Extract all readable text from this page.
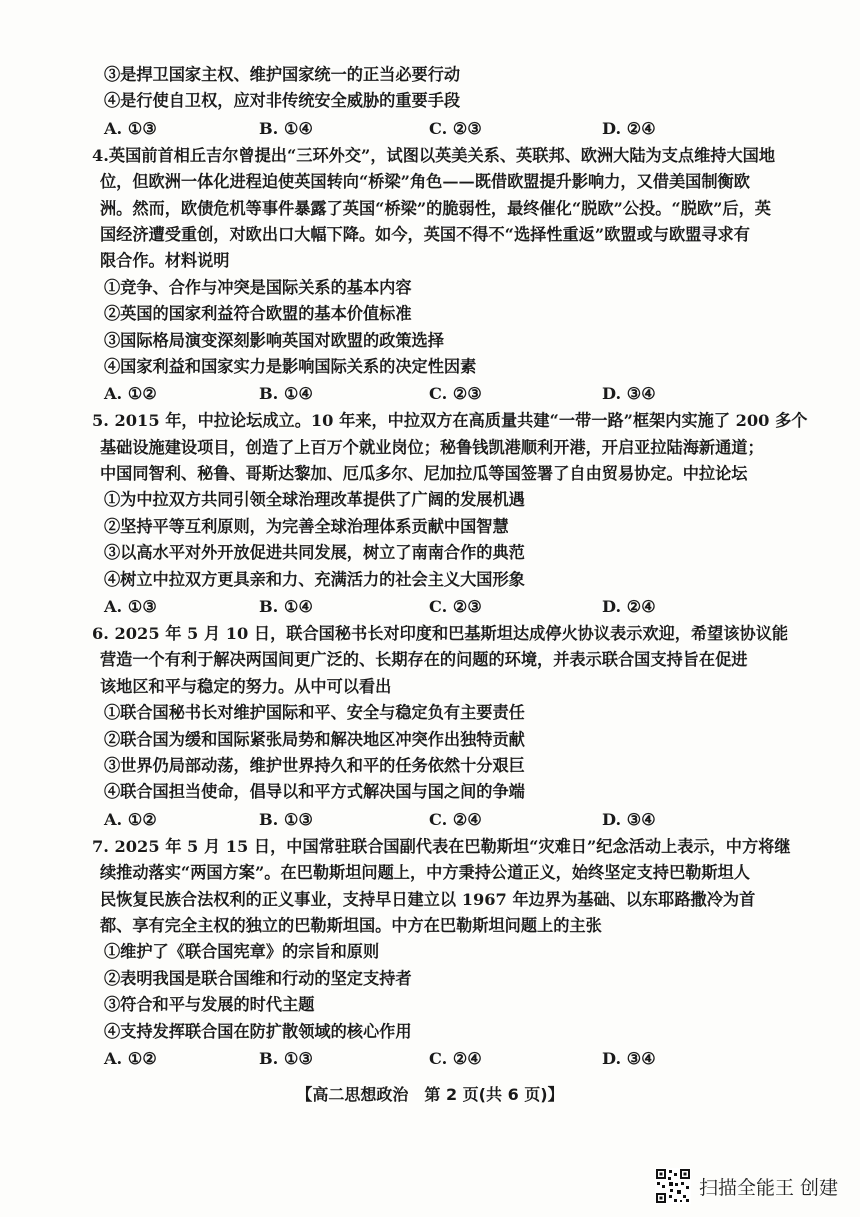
③是捍卫国家主权、维护国家统一的正当必要行动
④是行使自卫权，应对非传统安全威胁的重要手段
A. ①③	B. ①④	C. ②③	D. ②④
4.英国前首相丘吉尔曾提出“三环外交”，试图以英美关系、英联邦、欧洲大陆为支点维持大国地
位，但欧洲一体化进程迫使英国转向“桥梁”角色——既借欧盟提升影响力，又借美国制衡欧
洲。然而，欧债危机等事件暴露了英国“桥梁”的脆弱性，最终催化“脱欧”公投。“脱欧”后，英
国经济遭受重创，对欧出口大幅下降。如今，英国不得不“选择性重返”欧盟或与欧盟寻求有
限合作。材料说明
①竞争、合作与冲突是国际关系的基本内容
②英国的国家利益符合欧盟的基本价值标准
③国际格局演变深刻影响英国对欧盟的政策选择
④国家利益和国家实力是影响国际关系的决定性因素
A. ①②	B. ①④	C. ②③	D. ③④
5. 2015 年，中拉论坛成立。10 年来，中拉双方在高质量共建“一带一路”框架内实施了 200 多个
基础设施建设项目，创造了上百万个就业岗位；秘鲁钱凯港顺利开港，开启亚拉陆海新通道；
中国同智利、秘鲁、哥斯达黎加、厄瓜多尔、尼加拉瓜等国签署了自由贸易协定。中拉论坛
①为中拉双方共同引领全球治理改革提供了广阔的发展机遇
②坚持平等互利原则，为完善全球治理体系贡献中国智慧
③以高水平对外开放促进共同发展，树立了南南合作的典范
④树立中拉双方更具亲和力、充满活力的社会主义大国形象
A. ①③	B. ①④	C. ②③	D. ②④
6. 2025 年 5 月 10 日，联合国秘书长对印度和巴基斯坦达成停火协议表示欢迎，希望该协议能
营造一个有利于解决两国间更广泛的、长期存在的问题的环境，并表示联合国支持旨在促进
该地区和平与稳定的努力。从中可以看出
①联合国秘书长对维护国际和平、安全与稳定负有主要责任
②联合国为缓和国际紧张局势和解决地区冲突作出独特贡献
③世界仍局部动荡，维护世界持久和平的任务依然十分艰巨
④联合国担当使命，倡导以和平方式解决国与国之间的争端
A. ①②	B. ①③	C. ②④	D. ③④
7. 2025 年 5 月 15 日，中国常驻联合国副代表在巴勒斯坦“灾难日”纪念活动上表示，中方将继
续推动落实“两国方案”。在巴勒斯坦问题上，中方秉持公道正义，始终坚定支持巴勒斯坦人
民恢复民族合法权利的正义事业，支持早日建立以 1967 年边界为基础、以东耶路撒冷为首
都、享有完全主权的独立的巴勒斯坦国。中方在巴勒斯坦问题上的主张
①维护了《联合国宪章》的宗旨和原则
②表明我国是联合国维和行动的坚定支持者
③符合和平与发展的时代主题
④支持发挥联合国在防扩散领域的核心作用
A. ①②	B. ①③	C. ②④	D. ③④
【高二思想政治　第 2 页(共 6 页)】
扫描全能王 创建
